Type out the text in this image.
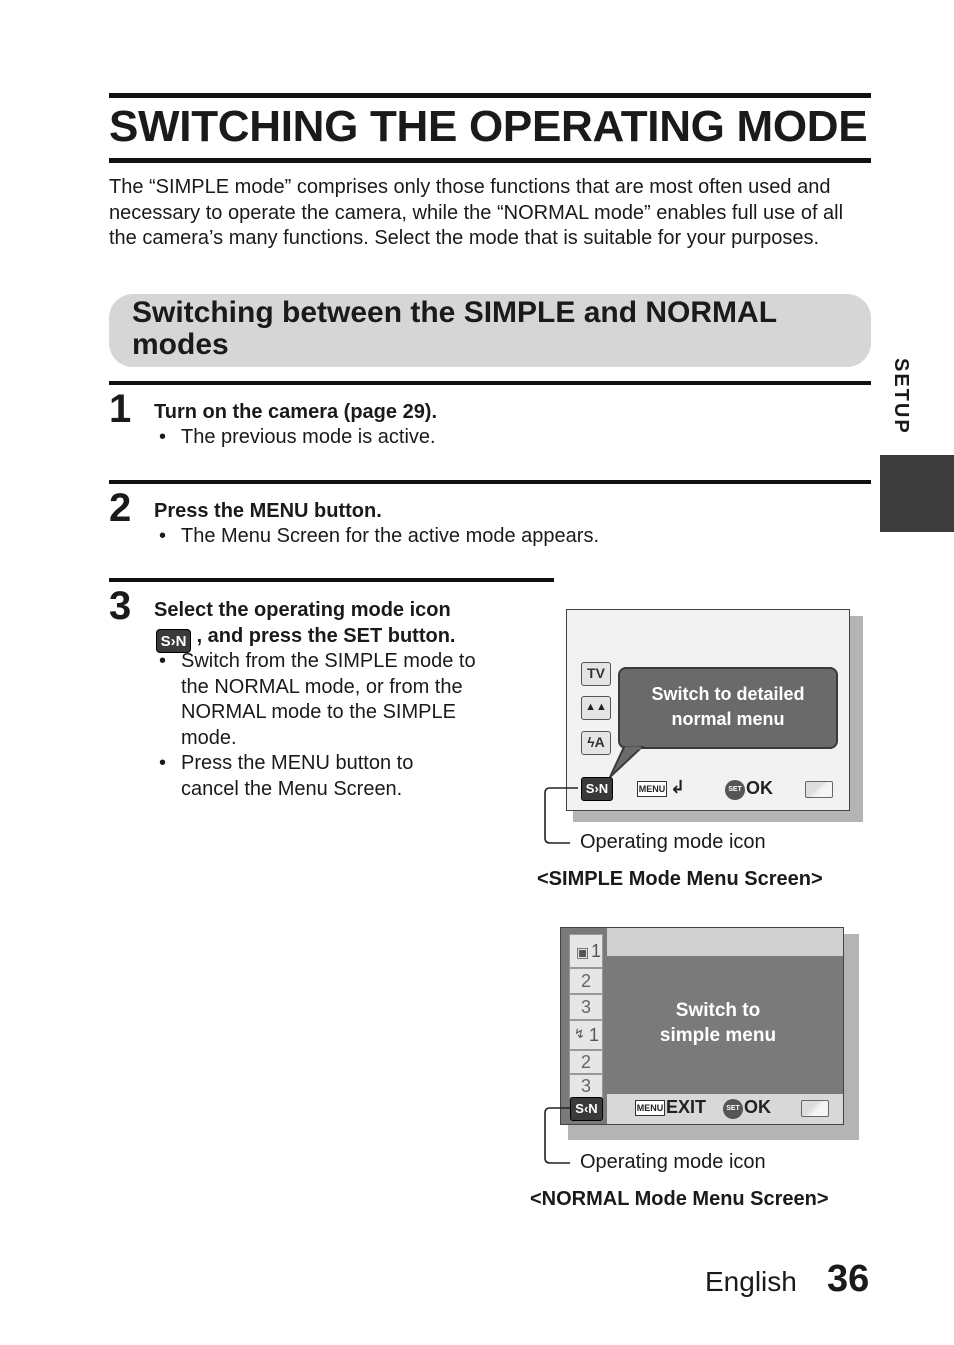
SWITCHING THE OPERATING MODE
The “SIMPLE mode” comprises only those functions that are most often used and necessary to operate the camera, while the “NORMAL mode” enables full use of all the camera’s many functions. Select the mode that is suitable for your purposes.
Switching between the SIMPLE and NORMAL modes
1 Turn on the camera (page 29).
• The previous mode is active.
2 Press the MENU button.
• The Menu Screen for the active mode appears.
3 Select the operating mode icon
S›N , and press the SET button.
• Switch from the SIMPLE mode to the NORMAL mode, or from the NORMAL mode to the SIMPLE mode.
• Press the MENU button to cancel the Menu Screen.
TV
▲▲
ϟA
Switch to detailed
normal menu
S›N	MENU ↲	SET OK
Operating mode icon
<SIMPLE Mode Menu Screen>
▣ 1
2
3
↯ 1
2
3
Switch to
simple menu
S‹N	MENU EXIT	SET OK
Operating mode icon
<NORMAL Mode Menu Screen>
SETUP
English 36
